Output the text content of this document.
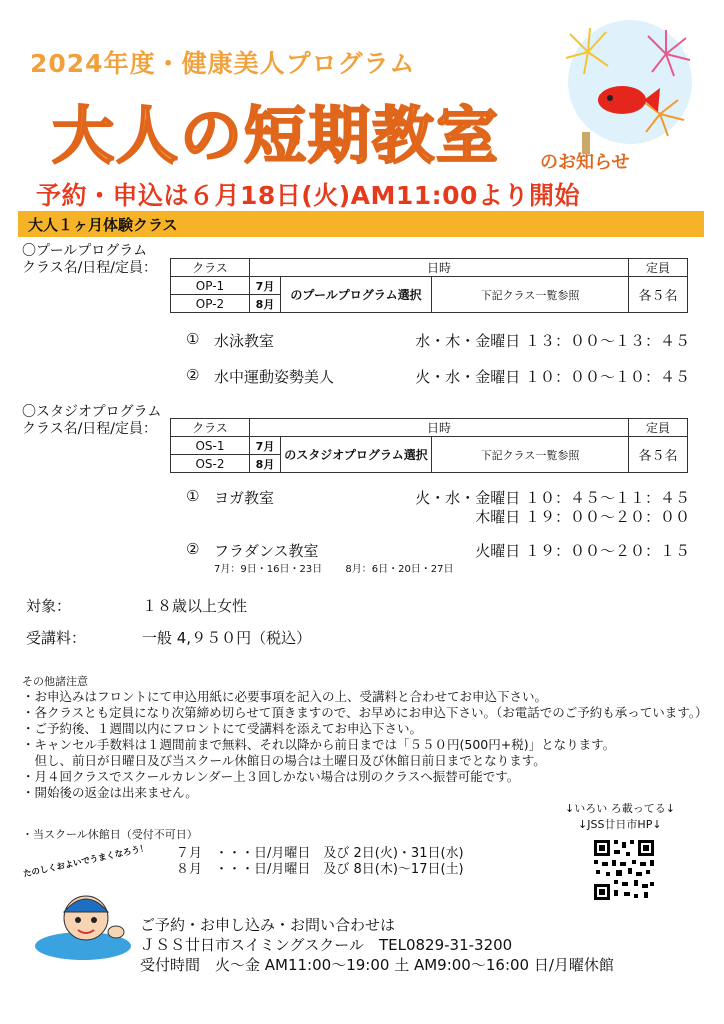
2024年度・健康美人プログラム
大人の短期教室 のお知らせ
予約・申込は６月18日(火)AM11:00より開始
大人１ヶ月体験クラス
〇プールプログラム
クラス名/日程/定員：	クラス	日時			定員
OP-1	7月	のプールプログラム選択	下記クラス一覧参照	各５名
OP-2	8月			
① 水泳教室	水・木・金曜日 １３：００～１３：４５
② 水中運動姿勢美人	火・水・金曜日 １０：００～１０：４５
〇スタジオプログラム
クラス名/日程/定員：	クラス	日時			定員
OS-1	7月	のスタジオプログラム選択	下記クラス一覧参照	各５名
OS-2	8月			
① ヨガ教室	火・水・金曜日 １０：４５～１１：４５
木曜日 １９：００～２０：００
② フラダンス教室	火曜日 １９：００～２０：１５
7月：9日・16日・23日　　 8月：6日・20日・27日
対象：	１８歳以上女性
受講料：	一般 4,９５０円（税込）
その他諸注意
・お申込みはフロントにて申込用紙に必要事項を記入の上、受講料と合わせてお申込下さい。
・各クラスとも定員になり次第締め切らせて頂きますので、お早めにお申込下さい。（お電話でのご予約も承っています。）
・ご予約後、１週間以内にフロントにて受講料を添えてお申込下さい。
・キャンセル手数料は１週間前まで無料、それ以降から前日までは「５５０円(500円+税)」となります。
　但し、前日が日曜日及び当スクール休館日の場合は土曜日及び休館日前日までとなります。
・月４回クラスでスクールカレンダー上３回しかない場合は別のクラスへ振替可能です。
・開始後の返金は出来ません。
↓いろい ろ載ってる↓
↓JSS廿日市HP↓
・当スクール休館日（受付不可日）
７月　・・・日/月曜日　及び 2日(火)・31日(水)
８月　・・・日/月曜日　及び 8日(木)～17日(土)
たのしくおよいでうまくなろう！
ご予約・お申し込み・お問い合わせは
ＪＳＳ廿日市スイミングスクール　TEL0829-31-3200
受付時間　火～金 AM11:00～19:00 土 AM9:00～16:00 日/月曜休館
